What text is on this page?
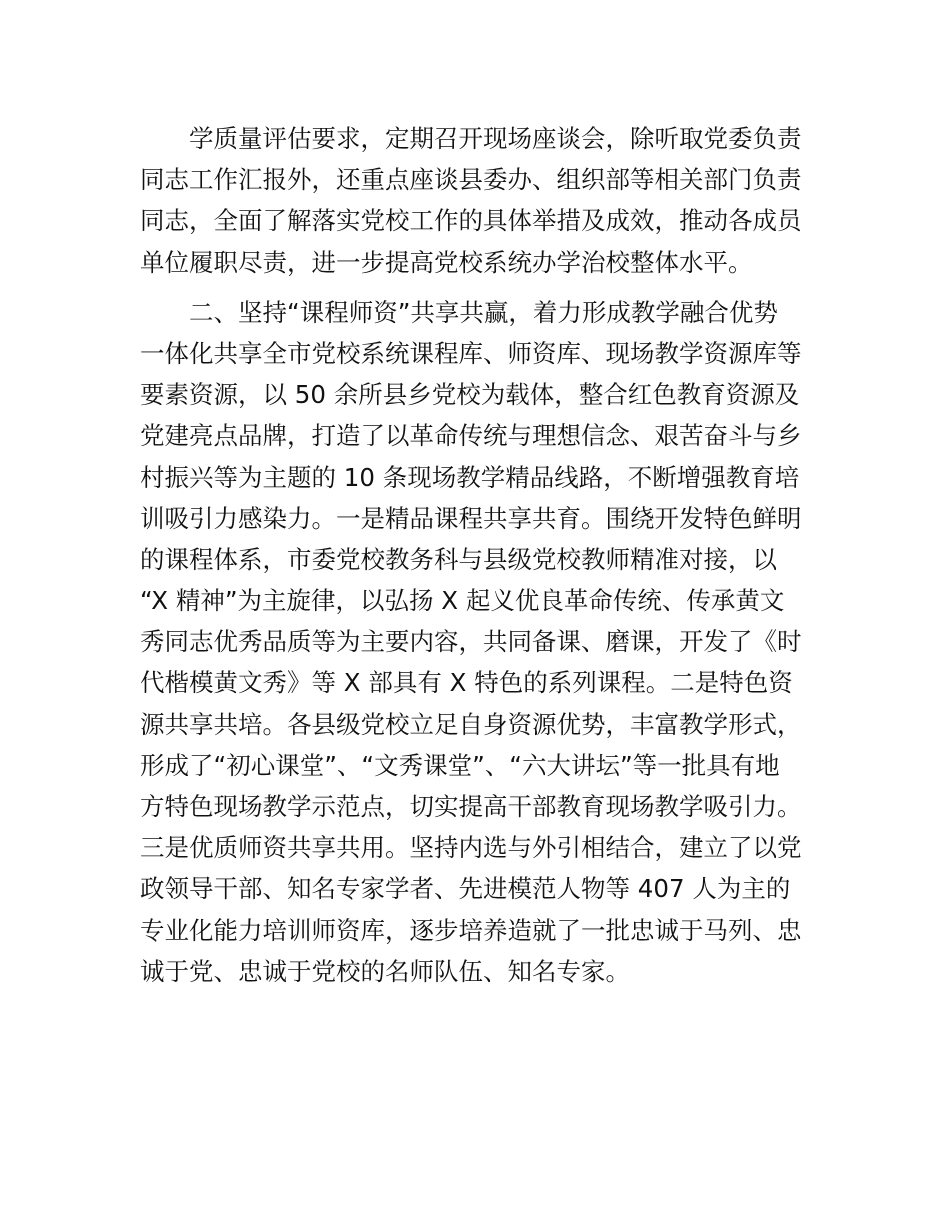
　　学质量评估要求，定期召开现场座谈会，除听取党委负责
同志工作汇报外，还重点座谈县委办、组织部等相关部门负责
同志，全面了解落实党校工作的具体举措及成效，推动各成员
单位履职尽责，进一步提高党校系统办学治校整体水平。
　　二、坚持“课程师资”共享共赢，着力形成教学融合优势
一体化共享全市党校系统课程库、师资库、现场教学资源库等
要素资源，以 50 余所县乡党校为载体，整合红色教育资源及
党建亮点品牌，打造了以革命传统与理想信念、艰苦奋斗与乡
村振兴等为主题的 10 条现场教学精品线路，不断增强教育培
训吸引力感染力。一是精品课程共享共育。围绕开发特色鲜明
的课程体系，市委党校教务科与县级党校教师精准对接，以
“X 精神”为主旋律，以弘扬 X 起义优良革命传统、传承黄文
秀同志优秀品质等为主要内容，共同备课、磨课，开发了《时
代楷模黄文秀》等 X 部具有 X 特色的系列课程。二是特色资
源共享共培。各县级党校立足自身资源优势，丰富教学形式，
形成了“初心课堂”、“文秀课堂”、“六大讲坛”等一批具有地
方特色现场教学示范点，切实提高干部教育现场教学吸引力。
三是优质师资共享共用。坚持内选与外引相结合，建立了以党
政领导干部、知名专家学者、先进模范人物等 407 人为主的
专业化能力培训师资库，逐步培养造就了一批忠诚于马列、忠
诚于党、忠诚于党校的名师队伍、知名专家。
